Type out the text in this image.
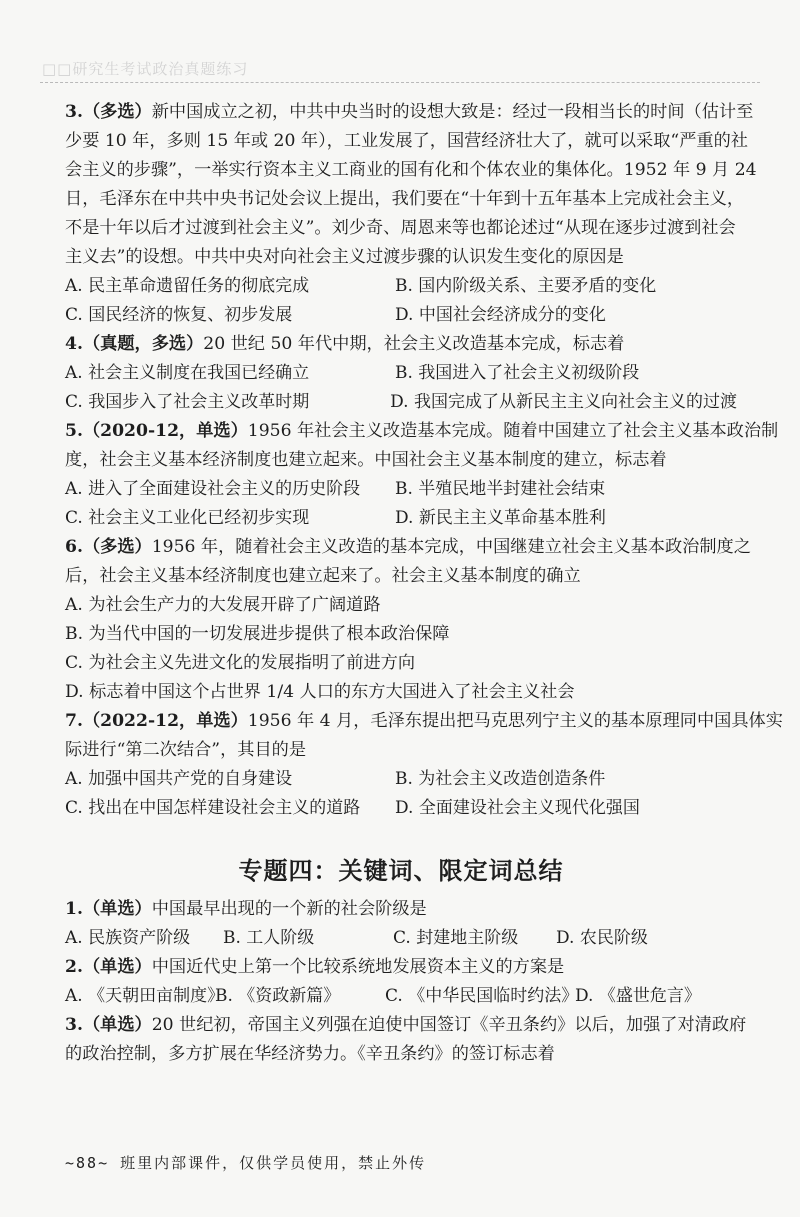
□□研究生考试政治真题练习
3.（多选）新中国成立之初，中共中央当时的设想大致是：经过一段相当长的时间（估计至
少要 10 年，多则 15 年或 20 年），工业发展了，国营经济壮大了，就可以采取“严重的社
会主义的步骤”，一举实行资本主义工商业的国有化和个体农业的集体化。1952 年 9 月 24
日，毛泽东在中共中央书记处会议上提出，我们要在“十年到十五年基本上完成社会主义，
不是十年以后才过渡到社会主义”。刘少奇、周恩来等也都论述过“从现在逐步过渡到社会
主义去”的设想。中共中央对向社会主义过渡步骤的认识发生变化的原因是
A. 民主革命遗留任务的彻底完成	B. 国内阶级关系、主要矛盾的变化
C. 国民经济的恢复、初步发展	D. 中国社会经济成分的变化
4.（真题，多选）20 世纪 50 年代中期，社会主义改造基本完成，标志着
A. 社会主义制度在我国已经确立	B. 我国进入了社会主义初级阶段
C. 我国步入了社会主义改革时期	D. 我国完成了从新民主主义向社会主义的过渡
5.（2020-12，单选）1956 年社会主义改造基本完成。随着中国建立了社会主义基本政治制
度，社会主义基本经济制度也建立起来。中国社会主义基本制度的建立，标志着
A. 进入了全面建设社会主义的历史阶段	B. 半殖民地半封建社会结束
C. 社会主义工业化已经初步实现	D. 新民主主义革命基本胜利
6.（多选）1956 年，随着社会主义改造的基本完成，中国继建立社会主义基本政治制度之
后，社会主义基本经济制度也建立起来了。社会主义基本制度的确立
A. 为社会生产力的大发展开辟了广阔道路
B. 为当代中国的一切发展进步提供了根本政治保障
C. 为社会主义先进文化的发展指明了前进方向
D. 标志着中国这个占世界 1/4 人口的东方大国进入了社会主义社会
7.（2022-12，单选）1956 年 4 月，毛泽东提出把马克思列宁主义的基本原理同中国具体实
际进行“第二次结合”，其目的是
A. 加强中国共产党的自身建设	B. 为社会主义改造创造条件
C. 找出在中国怎样建设社会主义的道路	D. 全面建设社会主义现代化强国
专题四：关键词、限定词总结
1.（单选）中国最早出现的一个新的社会阶级是
A. 民族资产阶级	B. 工人阶级	C. 封建地主阶级	D. 农民阶级
2.（单选）中国近代史上第一个比较系统地发展资本主义的方案是
A. 《天朝田亩制度》
B. 《资政新篇》	C. 《中华民国临时约法》
D. 《盛世危言》
3.（单选）20 世纪初，帝国主义列强在迫使中国签订《辛丑条约》以后，加强了对清政府
的政治控制，多方扩展在华经济势力。《辛丑条约》的签订标志着
~88~ 班里内部课件，仅供学员使用，禁止外传
